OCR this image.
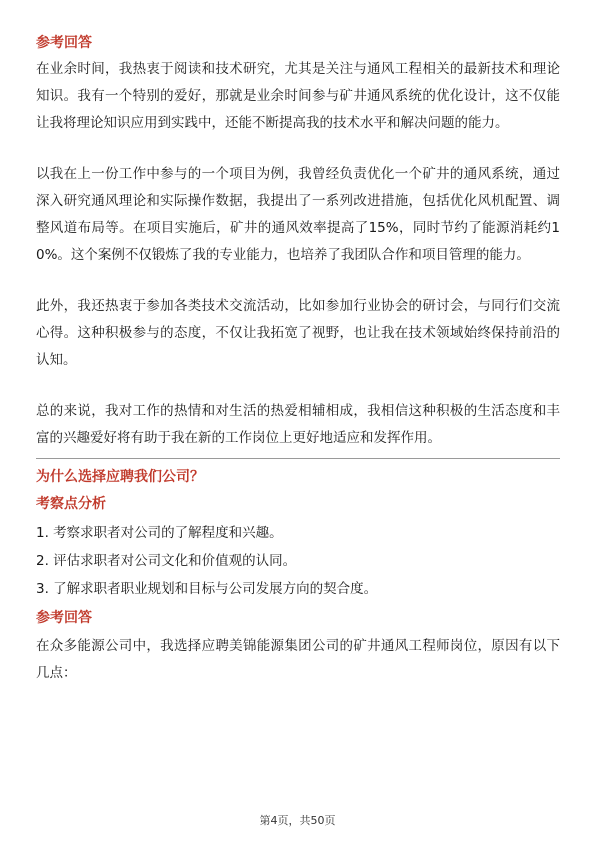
参考回答

在业余时间，我热衷于阅读和技术研究，尤其是关注与通风工程相关的最新技术和理论知识。我有一个特别的爱好，那就是业余时间参与矿井通风系统的优化设计，这不仅能让我将理论知识应用到实践中，还能不断提高我的技术水平和解决问题的能力。

以我在上一份工作中参与的一个项目为例，我曾经负责优化一个矿井的通风系统，通过深入研究通风理论和实际操作数据，我提出了一系列改进措施，包括优化风机配置、调整风道布局等。在项目实施后，矿井的通风效率提高了15%，同时节约了能源消耗约10%。这个案例不仅锻炼了我的专业能力，也培养了我团队合作和项目管理的能力。

此外，我还热衷于参加各类技术交流活动，比如参加行业协会的研讨会，与同行们交流心得。这种积极参与的态度，不仅让我拓宽了视野，也让我在技术领域始终保持前沿的认知。

总的来说，我对工作的热情和对生活的热爱相辅相成，我相信这种积极的生活态度和丰富的兴趣爱好将有助于我在新的工作岗位上更好地适应和发挥作用。

为什么选择应聘我们公司？
考察点分析
1. 考察求职者对公司的了解程度和兴趣。
2. 评估求职者对公司文化和价值观的认同。
3. 了解求职者职业规划和目标与公司发展方向的契合度。
参考回答

在众多能源公司中，我选择应聘美锦能源集团公司的矿井通风工程师岗位，原因有以下几点：

第4页，共50页
